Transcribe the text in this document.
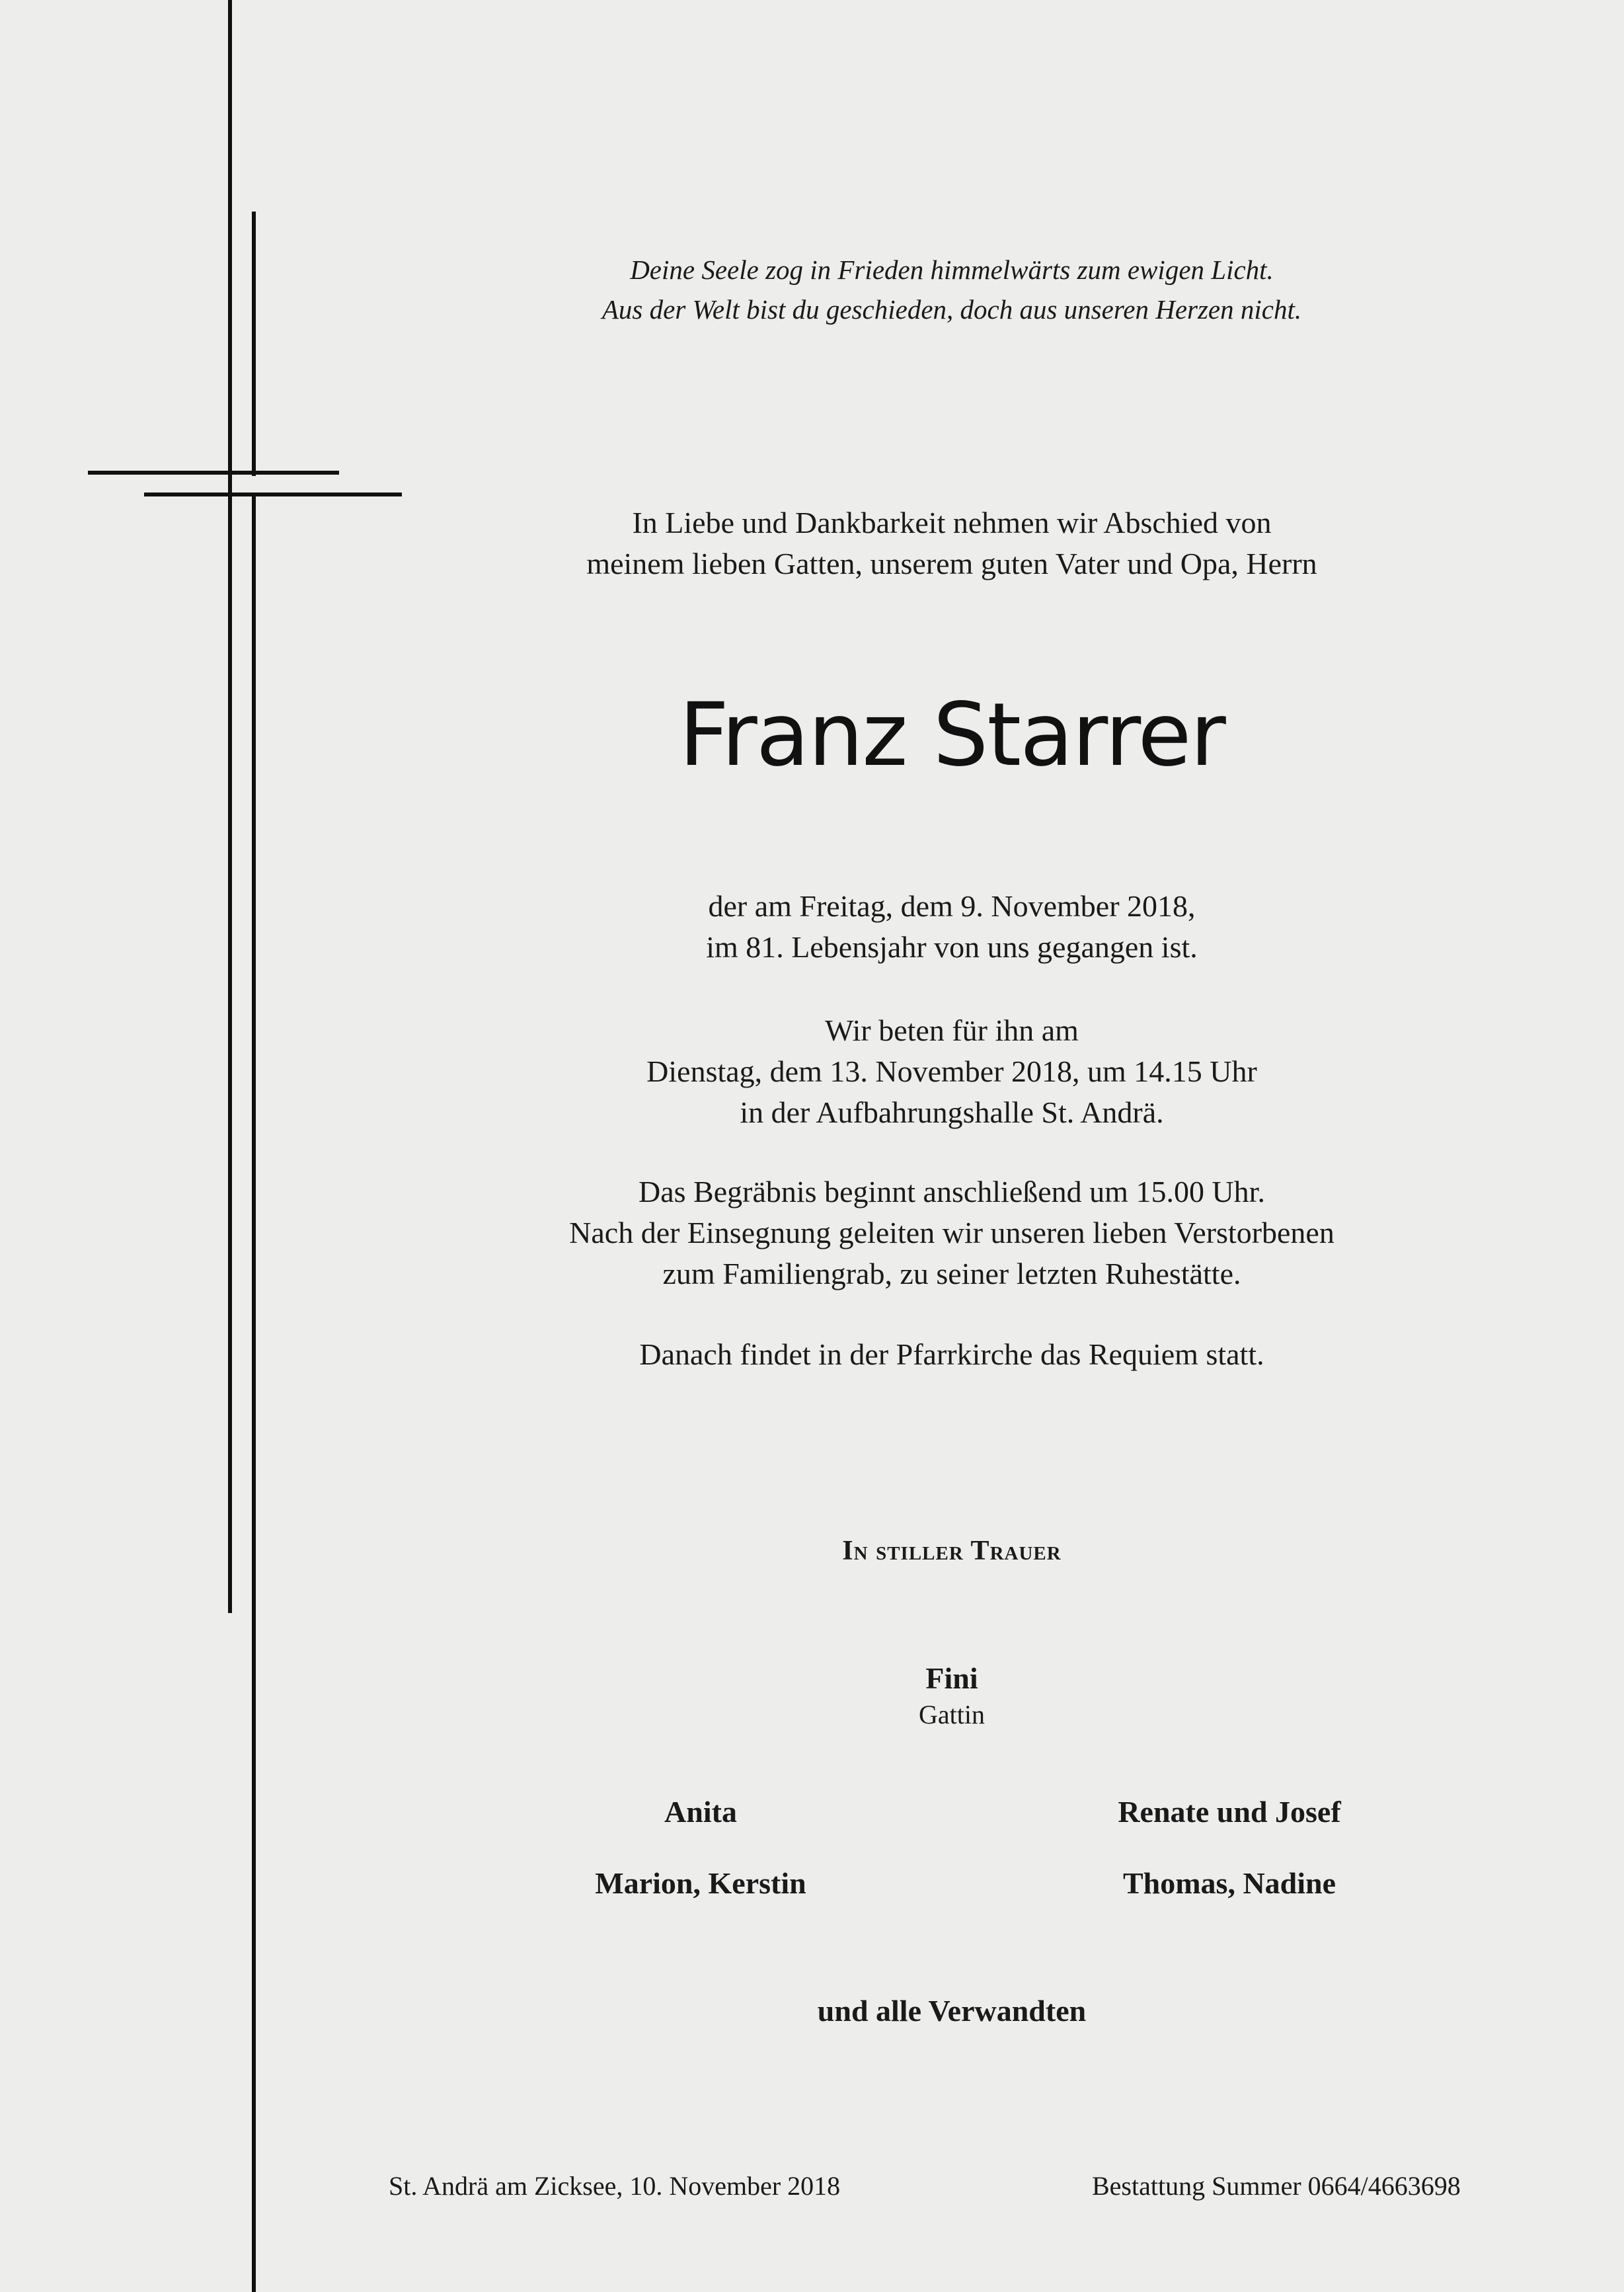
Deine Seele zog in Frieden himmelwärts zum ewigen Licht.
Aus der Welt bist du geschieden, doch aus unseren Herzen nicht.
In Liebe und Dankbarkeit nehmen wir Abschied von
meinem lieben Gatten, unserem guten Vater und Opa, Herrn
Franz Starrer
der am Freitag, dem 9. November 2018,
im 81. Lebensjahr von uns gegangen ist.
Wir beten für ihn am
Dienstag, dem 13. November 2018, um 14.15 Uhr
in der Aufbahrungshalle St. Andrä.
Das Begräbnis beginnt anschließend um 15.00 Uhr.
Nach der Einsegnung geleiten wir unseren lieben Verstorbenen
zum Familiengrab, zu seiner letzten Ruhestätte.
Danach findet in der Pfarrkirche das Requiem statt.
In stiller Trauer
Fini
Gattin
Anita
Marion, Kerstin
Renate und Josef
Thomas, Nadine
und alle Verwandten
St. Andrä am Zicksee, 10. November 2018	Bestattung Summer 0664/4663698
